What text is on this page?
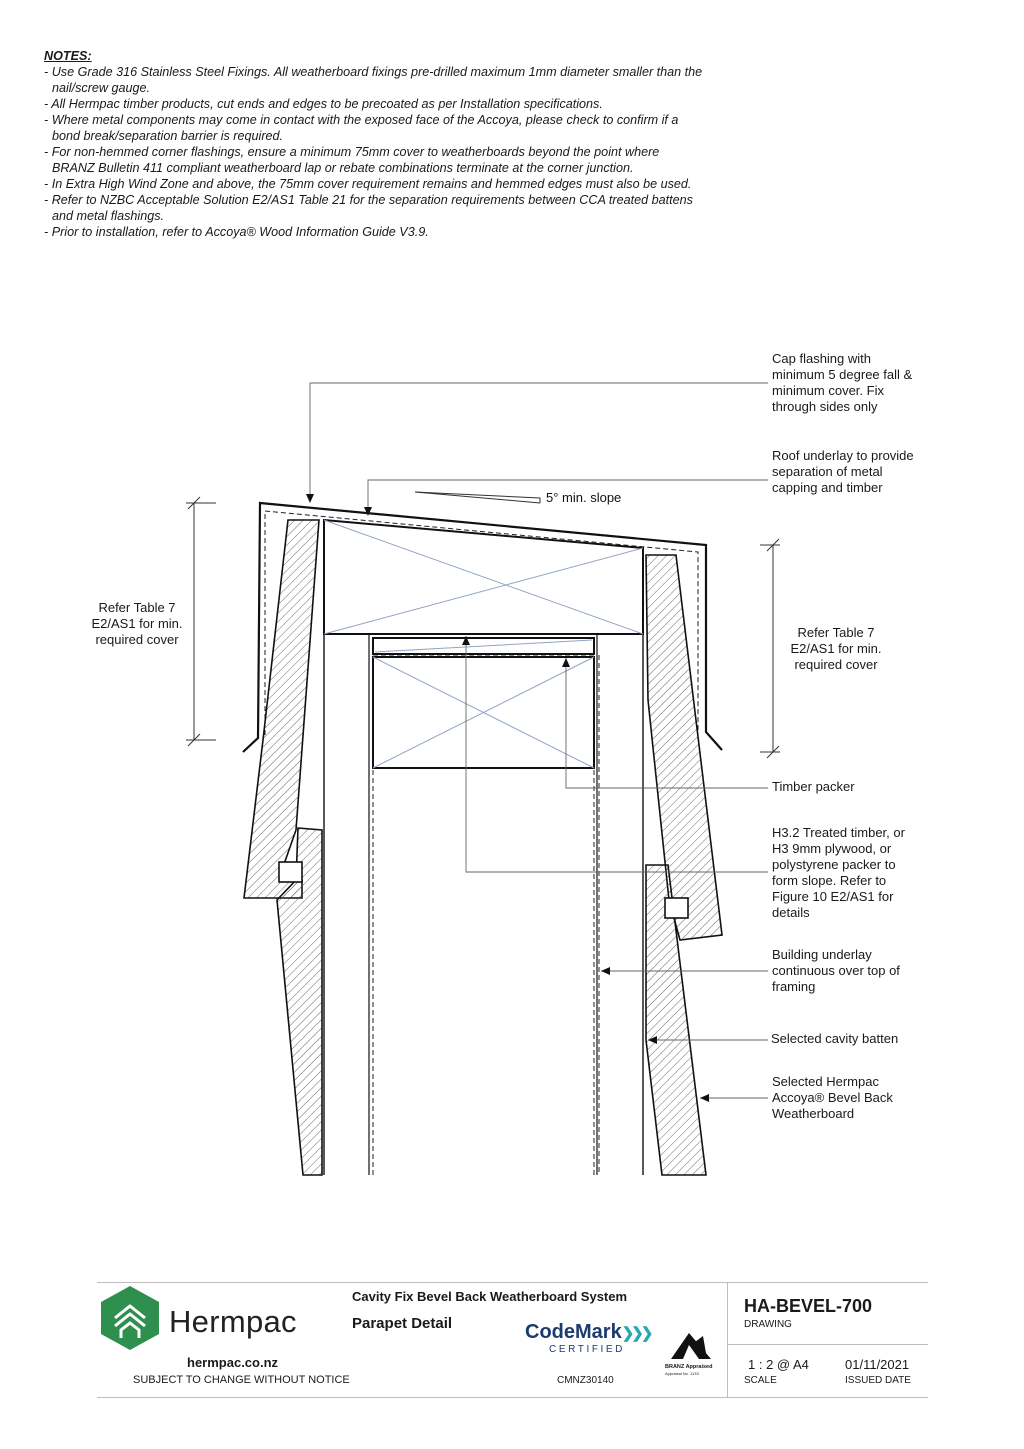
NOTES:
- Use Grade 316 Stainless Steel Fixings. All weatherboard fixings pre-drilled maximum 1mm diameter smaller than the nail/screw gauge.
- All Hermpac timber products, cut ends and edges to be precoated as per Installation specifications.
- Where metal components may come in contact with the exposed face of the Accoya, please check to confirm if a bond break/separation barrier is required.
- For non-hemmed corner flashings, ensure a minimum 75mm cover to weatherboards beyond the point where BRANZ Bulletin 411 compliant weatherboard lap or rebate combinations terminate at the corner junction.
- In Extra High Wind Zone and above, the 75mm cover requirement remains and hemmed edges must also be used.
- Refer to NZBC Acceptable Solution E2/AS1 Table 21 for the separation requirements between CCA treated battens and metal flashings.
- Prior to installation, refer to Accoya® Wood Information Guide V3.9.
5° min. slope
Refer Table 7
E2/AS1 for min.
required cover	Refer Table 7
E2/AS1 for min.
required cover
Cap flashing with
minimum 5 degree fall &
minimum cover. Fix
through sides only
Roof underlay to provide
separation of metal
capping and timber
Timber packer
H3.2 Treated timber, or
H3 9mm plywood, or
polystyrene packer to
form slope. Refer to
Figure 10 E2/AS1 for
details
Building underlay
continuous over top of
framing
Selected cavity batten
Selected Hermpac
Accoya® Bevel Back
Weatherboard
Hermpac
hermpac.co.nz
SUBJECT TO CHANGE WITHOUT NOTICE
Cavity Fix Bevel Back Weatherboard System
Parapet Detail	CodeMark❯❯❯
CERTIFIED
CMNZ30140
BRANZ Appraised
Appraisal No. 1133
HA-BEVEL-700
DRAWING
1 : 2 @ A4
SCALE
01/11/2021
ISSUED DATE
